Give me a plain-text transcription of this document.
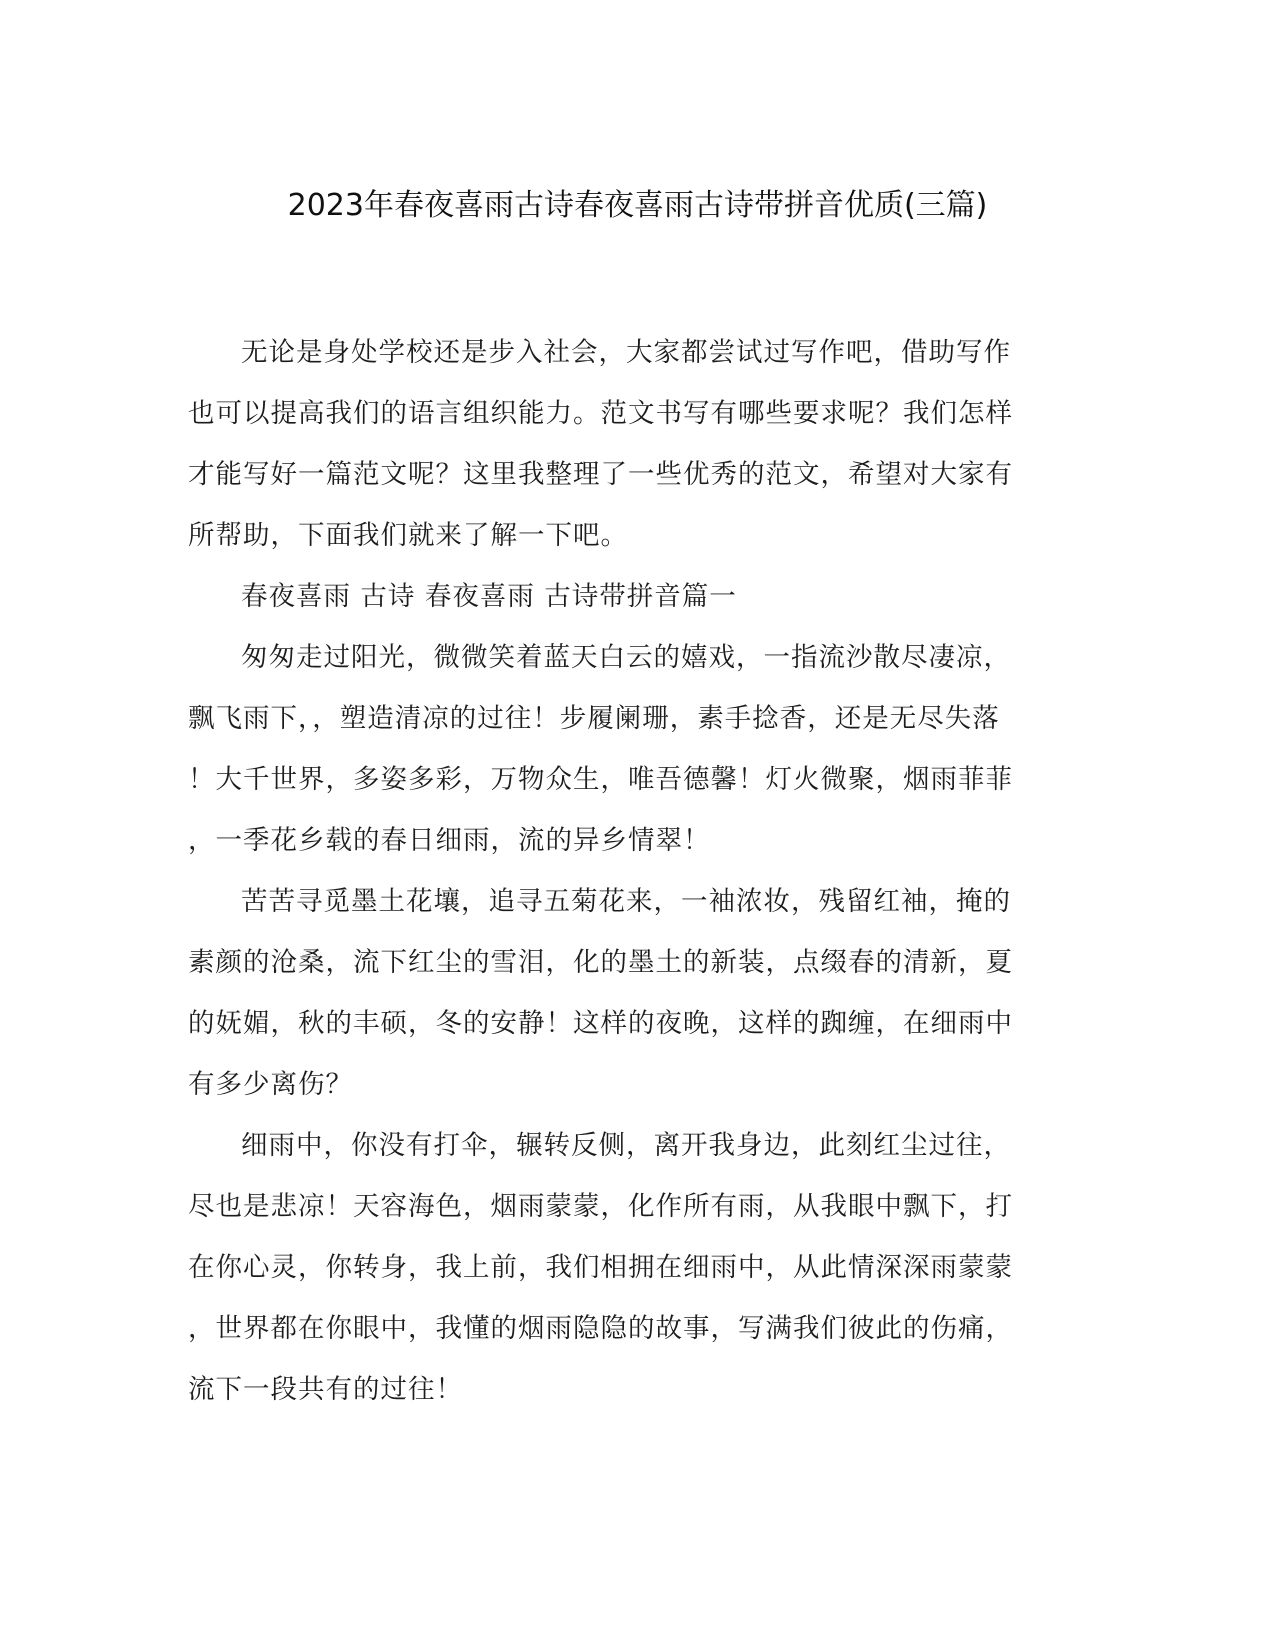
2023年春夜喜雨古诗春夜喜雨古诗带拼音优质(三篇)

无论是身处学校还是步入社会，大家都尝试过写作吧，借助写作
也可以提高我们的语言组织能力。范文书写有哪些要求呢？我们怎样
才能写好一篇范文呢？这里我整理了一些优秀的范文，希望对大家有
所帮助，下面我们就来了解一下吧。

春夜喜雨 古诗 春夜喜雨 古诗带拼音篇一

匆匆走过阳光，微微笑着蓝天白云的嬉戏，一指流沙散尽凄凉，
飘飞雨下，，塑造清凉的过往！步履阑珊，素手捻香，还是无尽失落
！大千世界，多姿多彩，万物众生，唯吾德馨！灯火微聚，烟雨菲菲
，一季花乡载的春日细雨，流的异乡情翠！

苦苦寻觅墨土花壤，追寻五菊花来，一袖浓妆，残留红袖，掩的
素颜的沧桑，流下红尘的雪泪，化的墨土的新装，点缀春的清新，夏
的妩媚，秋的丰硕，冬的安静！这样的夜晚，这样的踟缠，在细雨中
有多少离伤？

细雨中，你没有打伞，辗转反侧，离开我身边，此刻红尘过往，
尽也是悲凉！天容海色，烟雨蒙蒙，化作所有雨，从我眼中飘下，打
在你心灵，你转身，我上前，我们相拥在细雨中，从此情深深雨蒙蒙
，世界都在你眼中，我懂的烟雨隐隐的故事，写满我们彼此的伤痛，
流下一段共有的过往！
